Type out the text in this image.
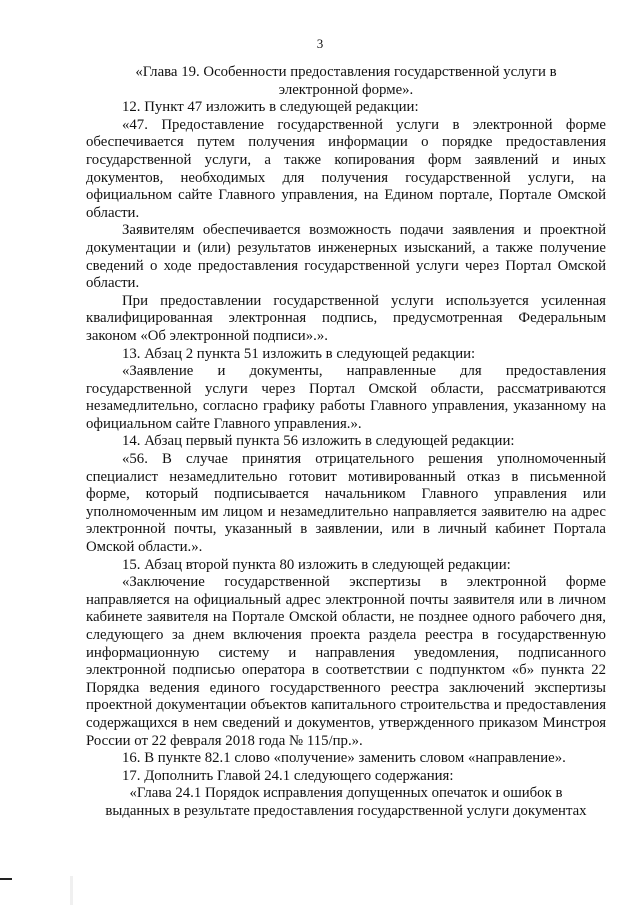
3

«Глава 19. Особенности предоставления государственной услуги в электронной форме».

12. Пункт 47 изложить в следующей редакции:

«47. Предоставление государственной услуги в электронной форме обеспечивается путем получения информации о порядке предоставления государственной услуги, а также копирования форм заявлений и иных документов, необходимых для получения государственной услуги, на официальном сайте Главного управления, на Едином портале, Портале Омской области.

Заявителям обеспечивается возможность подачи заявления и проектной документации и (или) результатов инженерных изысканий, а также получение сведений о ходе предоставления государственной услуги через Портал Омской области.

При предоставлении государственной услуги используется усиленная квалифицированная электронная подпись, предусмотренная Федеральным законом «Об электронной подписи».».

13. Абзац 2 пункта 51 изложить в следующей редакции:

«Заявление и документы, направленные для предоставления государственной услуги через Портал Омской области, рассматриваются незамедлительно, согласно графику работы Главного управления, указанному на официальном сайте Главного управления.».

14. Абзац первый пункта 56 изложить в следующей редакции:

«56. В случае принятия отрицательного решения уполномоченный специалист незамедлительно готовит мотивированный отказ в письменной форме, который подписывается начальником Главного управления или уполномоченным им лицом и незамедлительно направляется заявителю на адрес электронной почты, указанный в заявлении, или в личный кабинет Портала Омской области.».

15. Абзац второй пункта 80 изложить в следующей редакции:

«Заключение государственной экспертизы в электронной форме направляется на официальный адрес электронной почты заявителя или в личном кабинете заявителя на Портале Омской области, не позднее одного рабочего дня, следующего за днем включения проекта раздела реестра в государственную информационную систему и направления уведомления, подписанного электронной подписью оператора в соответствии с подпунктом «б» пункта 22 Порядка ведения единого государственного реестра заключений экспертизы проектной документации объектов капитального строительства и предоставления содержащихся в нем сведений и документов, утвержденного приказом Минстроя России от 22 февраля 2018 года № 115/пр.».

16. В пункте 82.1 слово «получение» заменить словом «направление».

17. Дополнить Главой 24.1 следующего содержания:

«Глава 24.1 Порядок исправления допущенных опечаток и ошибок в выданных в результате предоставления государственной услуги документах
